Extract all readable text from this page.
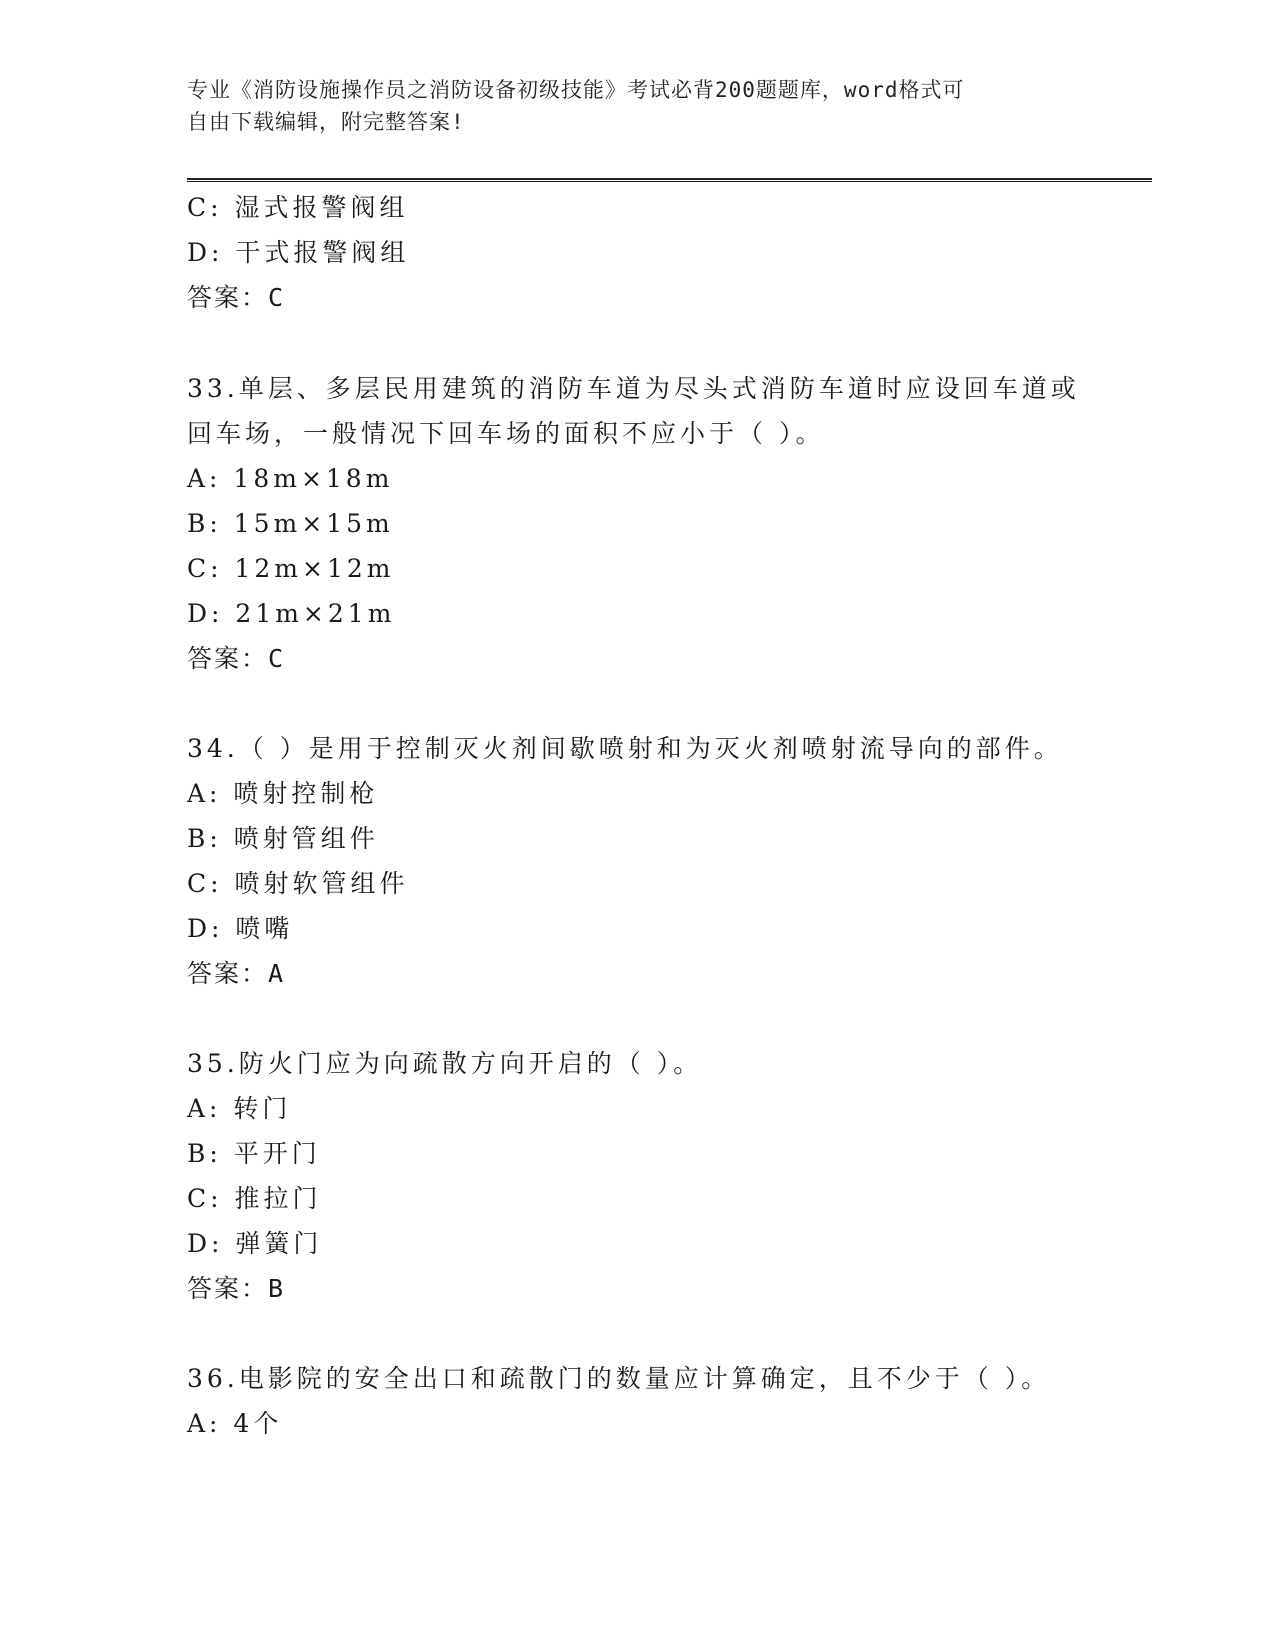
专业《消防设施操作员之消防设备初级技能》考试必背200题题库，word格式可
自由下载编辑，附完整答案!
C: 湿式报警阀组
D: 干式报警阀组
答案：C
33.单层、多层民用建筑的消防车道为尽头式消防车道时应设回车道或
回车场，一般情况下回车场的面积不应小于（ ）。
A: 18m×18m
B: 15m×15m
C: 12m×12m
D: 21m×21m
答案：C
34.（ ）是用于控制灭火剂间歇喷射和为灭火剂喷射流导向的部件。
A: 喷射控制枪
B: 喷射管组件
C: 喷射软管组件
D: 喷嘴
答案：A
35.防火门应为向疏散方向开启的（ ）。
A: 转门
B: 平开门
C: 推拉门
D: 弹簧门
答案：B
36.电影院的安全出口和疏散门的数量应计算确定，且不少于（ ）。
A: 4个
